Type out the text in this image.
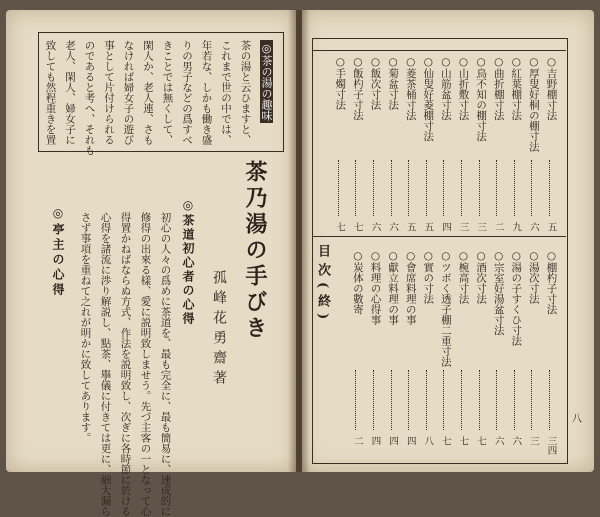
◎茶の湯の趣味
茶の湯と云ひますと、
これまで世の中では、
年若な、しかも働き盛
りの男子などの爲すべ
きことでは無くして、
閑人か、老人連、さも
なければ婦女子の遊び
事として片付けられる
のであると考へ、それも
老人、閑人、婦女子に
致しても然程重きを置
茶乃湯の手びき
孤峰花勇齋著
◎茶道初心者の心得
初心の人々の爲めに茶道を、最も完全に、最も簡易に、速成的に
修得の出來る樣、愛に説明致しませう。先づ主客の一となって心
得置かねばならぬ方式、作法を説明致し、次ぎに各時節に於ける
心得を諸流に渉り解説し、點茶、擧儀に付きては更に、細大漏ら
さず事項を重ねて之れが明かに致してあります。
◎亭主の心得
八
目次(終)
○吉野棚寸法
五
○厚叟好桐の棚寸法
六
○紅葉棚寸法
九
○曲折棚寸法
二
○鳥不知の棚寸法
三
○山折敷寸法
三
○山筋盆寸法
四
○仙叟好菱棚寸法
五
○菱茶桶寸法
五
○菊盆寸法
六
○飯次寸法
六
○飯杓子寸法
七
○手燭寸法
七
○棚杓子寸法
三四
○湯次寸法
三
○湯の子すくひ寸法
六
○宗室好湯盆寸法
六
○酒次寸法
七
○椀高寸法
七
○ツボく透子棚二重寸法
七
○實の寸法
八
○會席料理の事
四
○獻立料理の事
四
○料理の心得事
四
○炭体の數寄
二
